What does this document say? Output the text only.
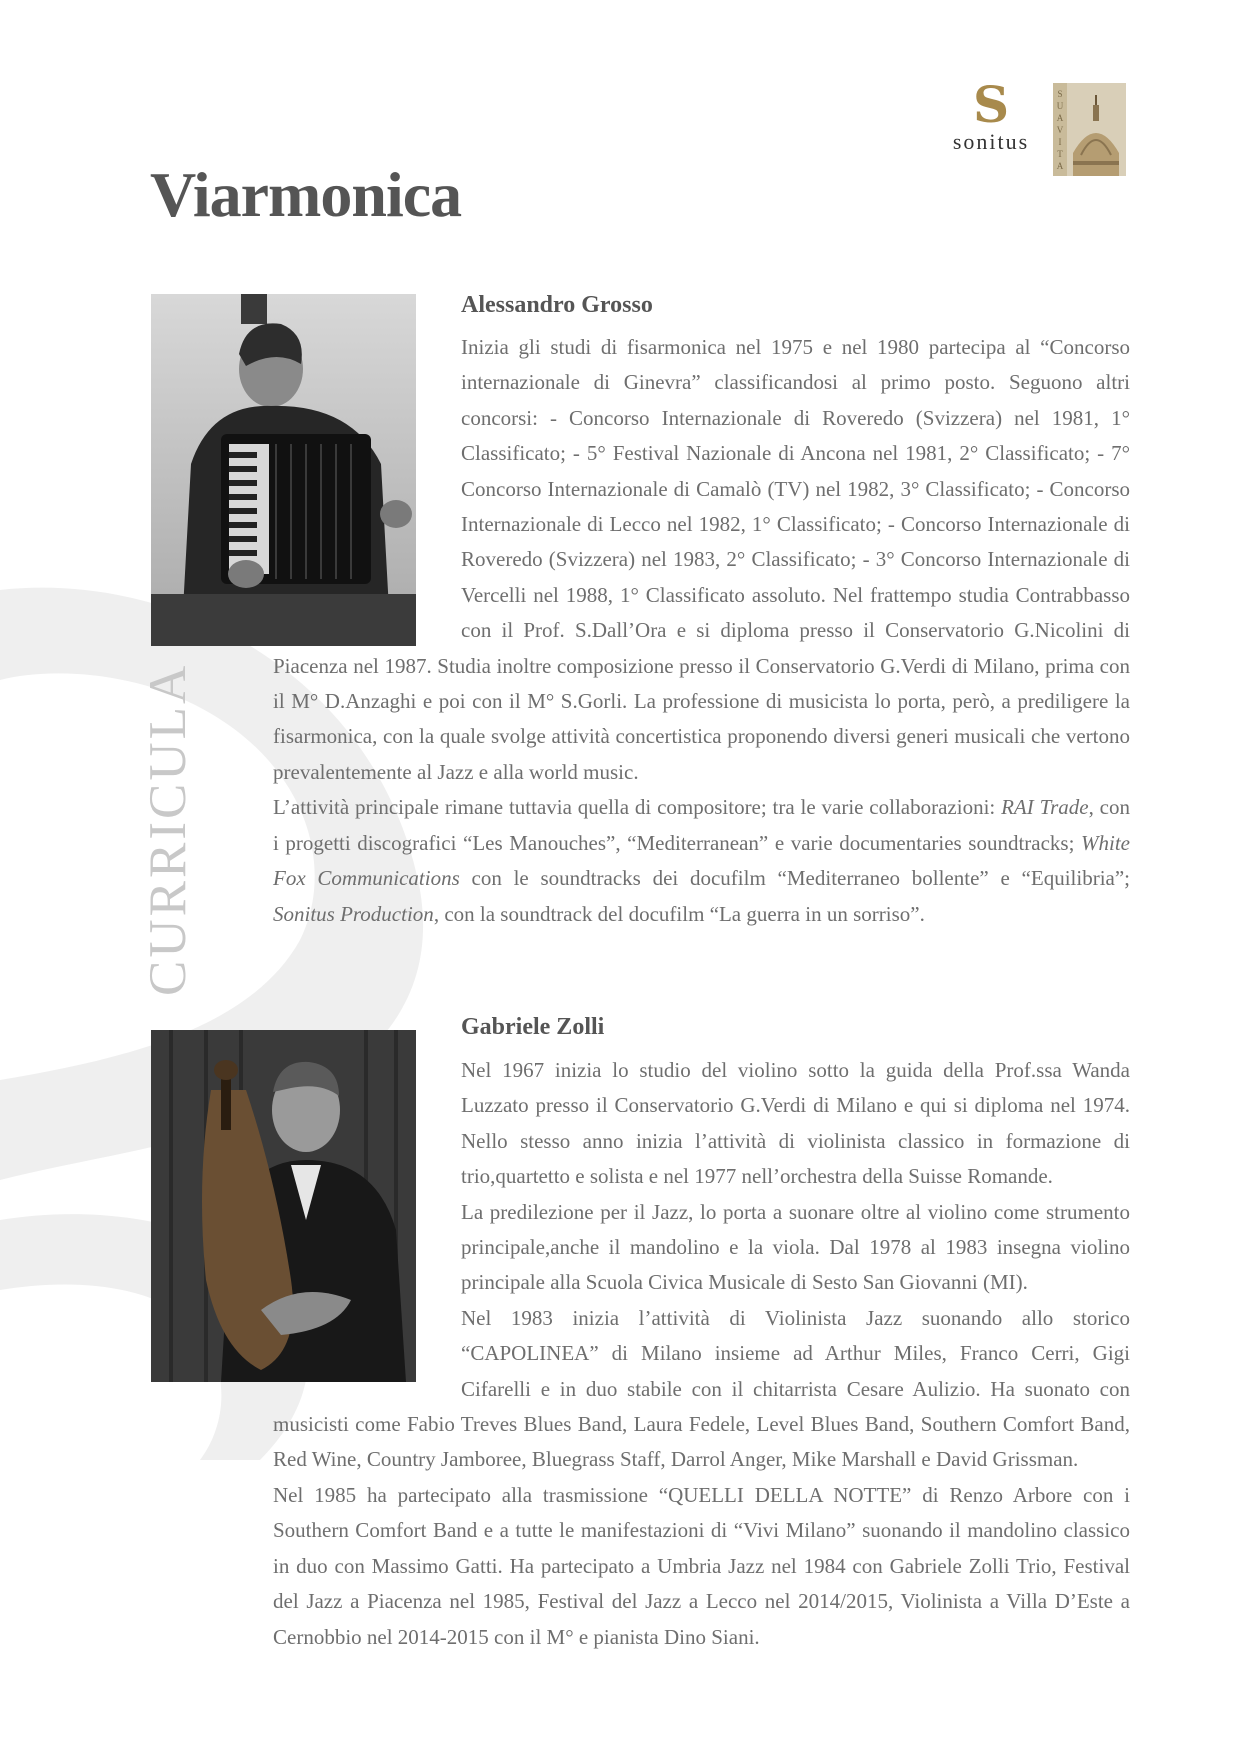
S
sonitus
S
U
A
V
I
T
A
Viarmonica
CURRICULA
Alessandro Grosso

Inizia gli studi di fisarmonica nel 1975 e nel 1980 partecipa al “Concorso internazionale di Ginevra” classificandosi al primo posto. Seguono altri concorsi: - Concorso Internazionale di Roveredo (Svizzera) nel 1981, 1° Classificato; - 5° Festival Nazionale di Ancona nel 1981, 2° Classificato; - 7° Concorso Internazionale di Camalò (TV) nel 1982, 3° Classificato; - Concorso Internazionale di Lecco nel 1982, 1° Classificato; - Concorso Internazionale di Roveredo (Svizzera) nel 1983, 2° Classificato; - 3° Concorso Internazionale di Vercelli nel 1988, 1° Classificato assoluto. Nel frattempo studia Contrabbasso con il Prof. S.Dall’Ora e si diploma presso il Conservatorio G.Nicolini di Piacenza nel 1987. Studia inoltre composizione presso il Conservatorio G.Verdi di Milano, prima con il M° D.Anzaghi e poi con il M° S.Gorli. La professione di musicista lo porta, però, a prediligere la fisarmonica, con la quale svolge attività concertistica proponendo diversi generi musicali che vertono prevalentemente al Jazz e alla world music.

L’attività principale rimane tuttavia quella di compositore; tra le varie collaborazioni: RAI Trade, con i progetti discografici “Les Manouches”, “Mediterranean” e varie documentaries soundtracks; White Fox Communications con le soundtracks dei docufilm “Mediterraneo bollente” e “Equilibria”; Sonitus Production, con la soundtrack del docufilm “La guerra in un sorriso”.

Gabriele Zolli

Nel 1967 inizia lo studio del violino sotto la guida della Prof.ssa Wanda Luzzato presso il Conservatorio G.Verdi di Milano e qui si diploma nel 1974. Nello stesso anno inizia l’attività di violinista classico in formazione di trio,quartetto e solista e nel 1977 nell’orchestra della Suisse Romande.

La predilezione per il Jazz, lo porta a suonare oltre al violino come strumento principale,anche il mandolino e la viola. Dal 1978 al 1983 insegna violino principale alla Scuola Civica Musicale di Sesto San Giovanni (MI).

Nel 1983 inizia l’attività di Violinista Jazz suonando allo storico “CAPOLINEA” di Milano insieme ad Arthur Miles, Franco Cerri, Gigi Cifarelli e in duo stabile con il chitarrista Cesare Aulizio. Ha suonato con musicisti come Fabio Treves Blues Band, Laura Fedele, Level Blues Band, Southern Comfort Band, Red Wine, Country Jamboree, Bluegrass Staff, Darrol Anger, Mike Marshall e David Grissman.

Nel 1985 ha partecipato alla trasmissione “QUELLI DELLA NOTTE” di Renzo Arbore con i Southern Comfort Band e a tutte le manifestazioni di “Vivi Milano” suonando il mandolino classico in duo con Massimo Gatti. Ha partecipato a Umbria Jazz nel 1984 con Gabriele Zolli Trio, Festival del Jazz a Piacenza nel 1985, Festival del Jazz a Lecco nel 2014/2015, Violinista a Villa D’Este a Cernobbio nel 2014-2015 con il M° e pianista Dino Siani.
